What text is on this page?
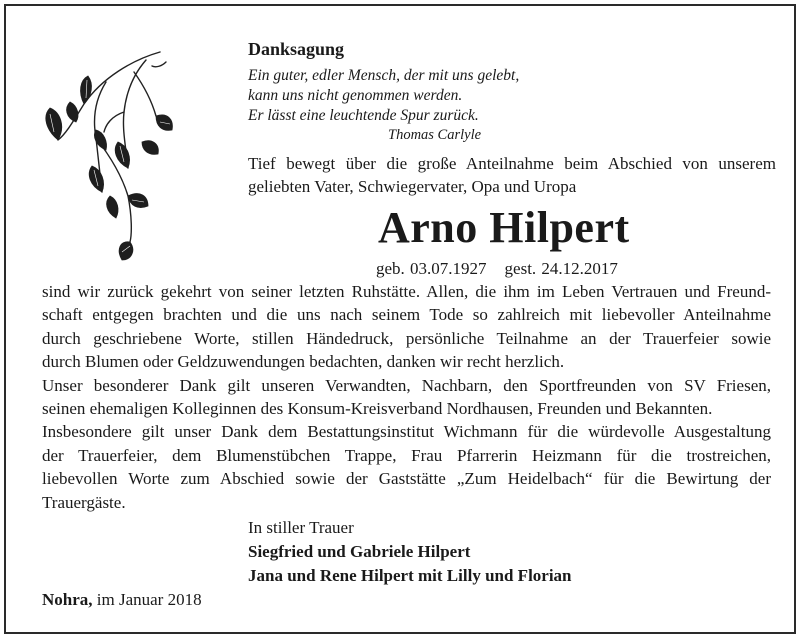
Danksagung
Ein guter, edler Mensch, der mit uns gelebt,
kann uns nicht genommen werden.
Er lässt eine leuchtende Spur zurück.
Thomas Carlyle
Tief bewegt über die große Anteilnahme beim Abschied von unserem
geliebten Vater, Schwiegervater, Opa und Uropa
Arno Hilpert
geb. 03.07.1927 gest. 24.12.2017
sind wir zurück gekehrt von seiner letzten Ruhstätte. Allen, die ihm im Leben Vertrauen und Freund-
schaft entgegen brachten und die uns nach seinem Tode so zahlreich mit liebevoller Anteilnahme
durch geschriebene Worte, stillen Händedruck, persönliche Teilnahme an der Trauerfeier sowie
durch Blumen oder Geldzuwendungen bedachten, danken wir recht herzlich.
Unser besonderer Dank gilt unseren Verwandten, Nachbarn, den Sportfreunden von SV Friesen,
seinen ehemaligen Kolleginnen des Konsum-Kreisverband Nordhausen, Freunden und Bekannten.
Insbesondere gilt unser Dank dem Bestattungsinstitut Wichmann für die würdevolle Ausgestaltung
der Trauerfeier, dem Blumenstübchen Trappe, Frau Pfarrerin Heizmann für die trostreichen,
liebevollen Worte zum Abschied sowie der Gaststätte „Zum Heidelbach“ für die Bewirtung der
Trauergäste.
In stiller Trauer
Siegfried und Gabriele Hilpert
Jana und Rene Hilpert mit Lilly und Florian
Nohra, im Januar 2018
